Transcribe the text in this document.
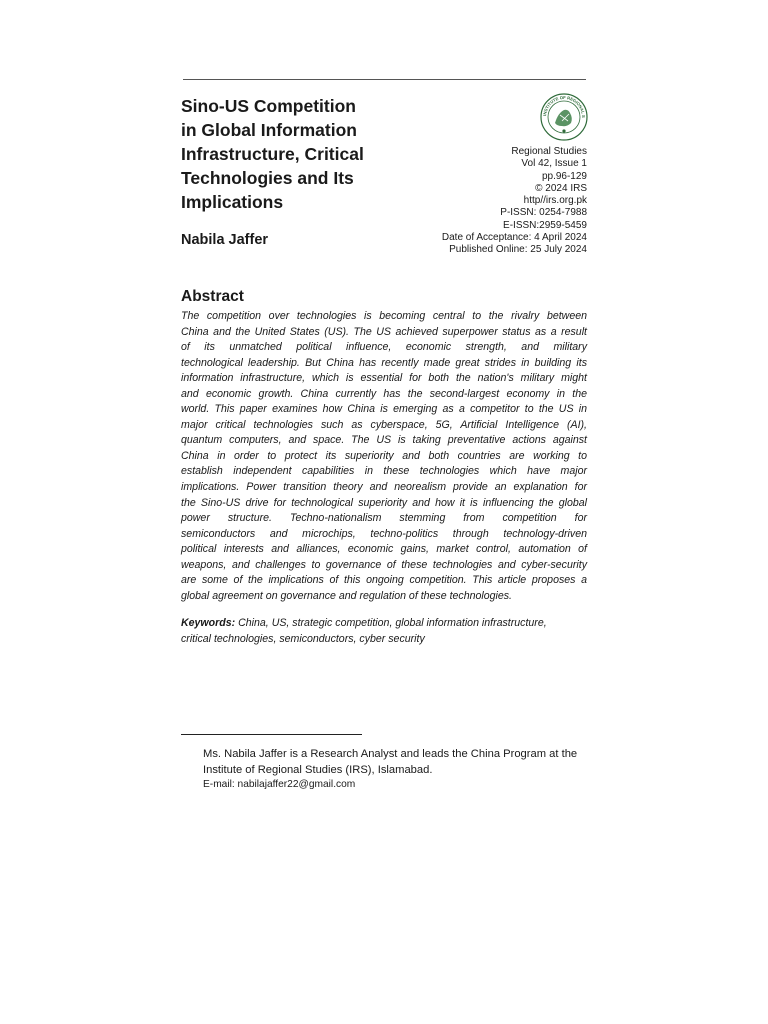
Sino-US Competition
in Global Information
Infrastructure, Critical
Technologies and Its
Implications
Nabila Jaffer
INSTITUTE OF REGIONAL S
Regional Studies
Vol 42, Issue 1
pp.96-129
© 2024 IRS
http//irs.org.pk
P-ISSN: 0254-7988
E-ISSN:2959-5459
Date of Acceptance: 4 April 2024
Published Online: 25 July 2024
Abstract
The competition over technologies is becoming central to the rivalry between
China and the United States (US). The US achieved superpower status as a result
of its unmatched political influence, economic strength, and military
technological leadership. But China has recently made great strides in building its
information infrastructure, which is essential for both the nation's military might
and economic growth. China currently has the second-largest economy in the
world. This paper examines how China is emerging as a competitor to the US in
major critical technologies such as cyberspace, 5G, Artificial Intelligence (AI),
quantum computers, and space. The US is taking preventative actions against
China in order to protect its superiority and both countries are working to
establish independent capabilities in these technologies which have major
implications. Power transition theory and neorealism provide an explanation for
the Sino-US drive for technological superiority and how it is influencing the global
power structure. Techno-nationalism stemming from competition for
semiconductors and microchips, techno-politics through technology-driven
political interests and alliances, economic gains, market control, automation of
weapons, and challenges to governance of these technologies and cyber-security
are some of the implications of this ongoing competition. This article proposes a
global agreement on governance and regulation of these technologies.
Keywords: China, US, strategic competition, global information infrastructure,
critical technologies, semiconductors, cyber security
Ms. Nabila Jaffer is a Research Analyst and leads the China Program at the
Institute of Regional Studies (IRS), Islamabad.
E-mail: nabilajaffer22@gmail.com
